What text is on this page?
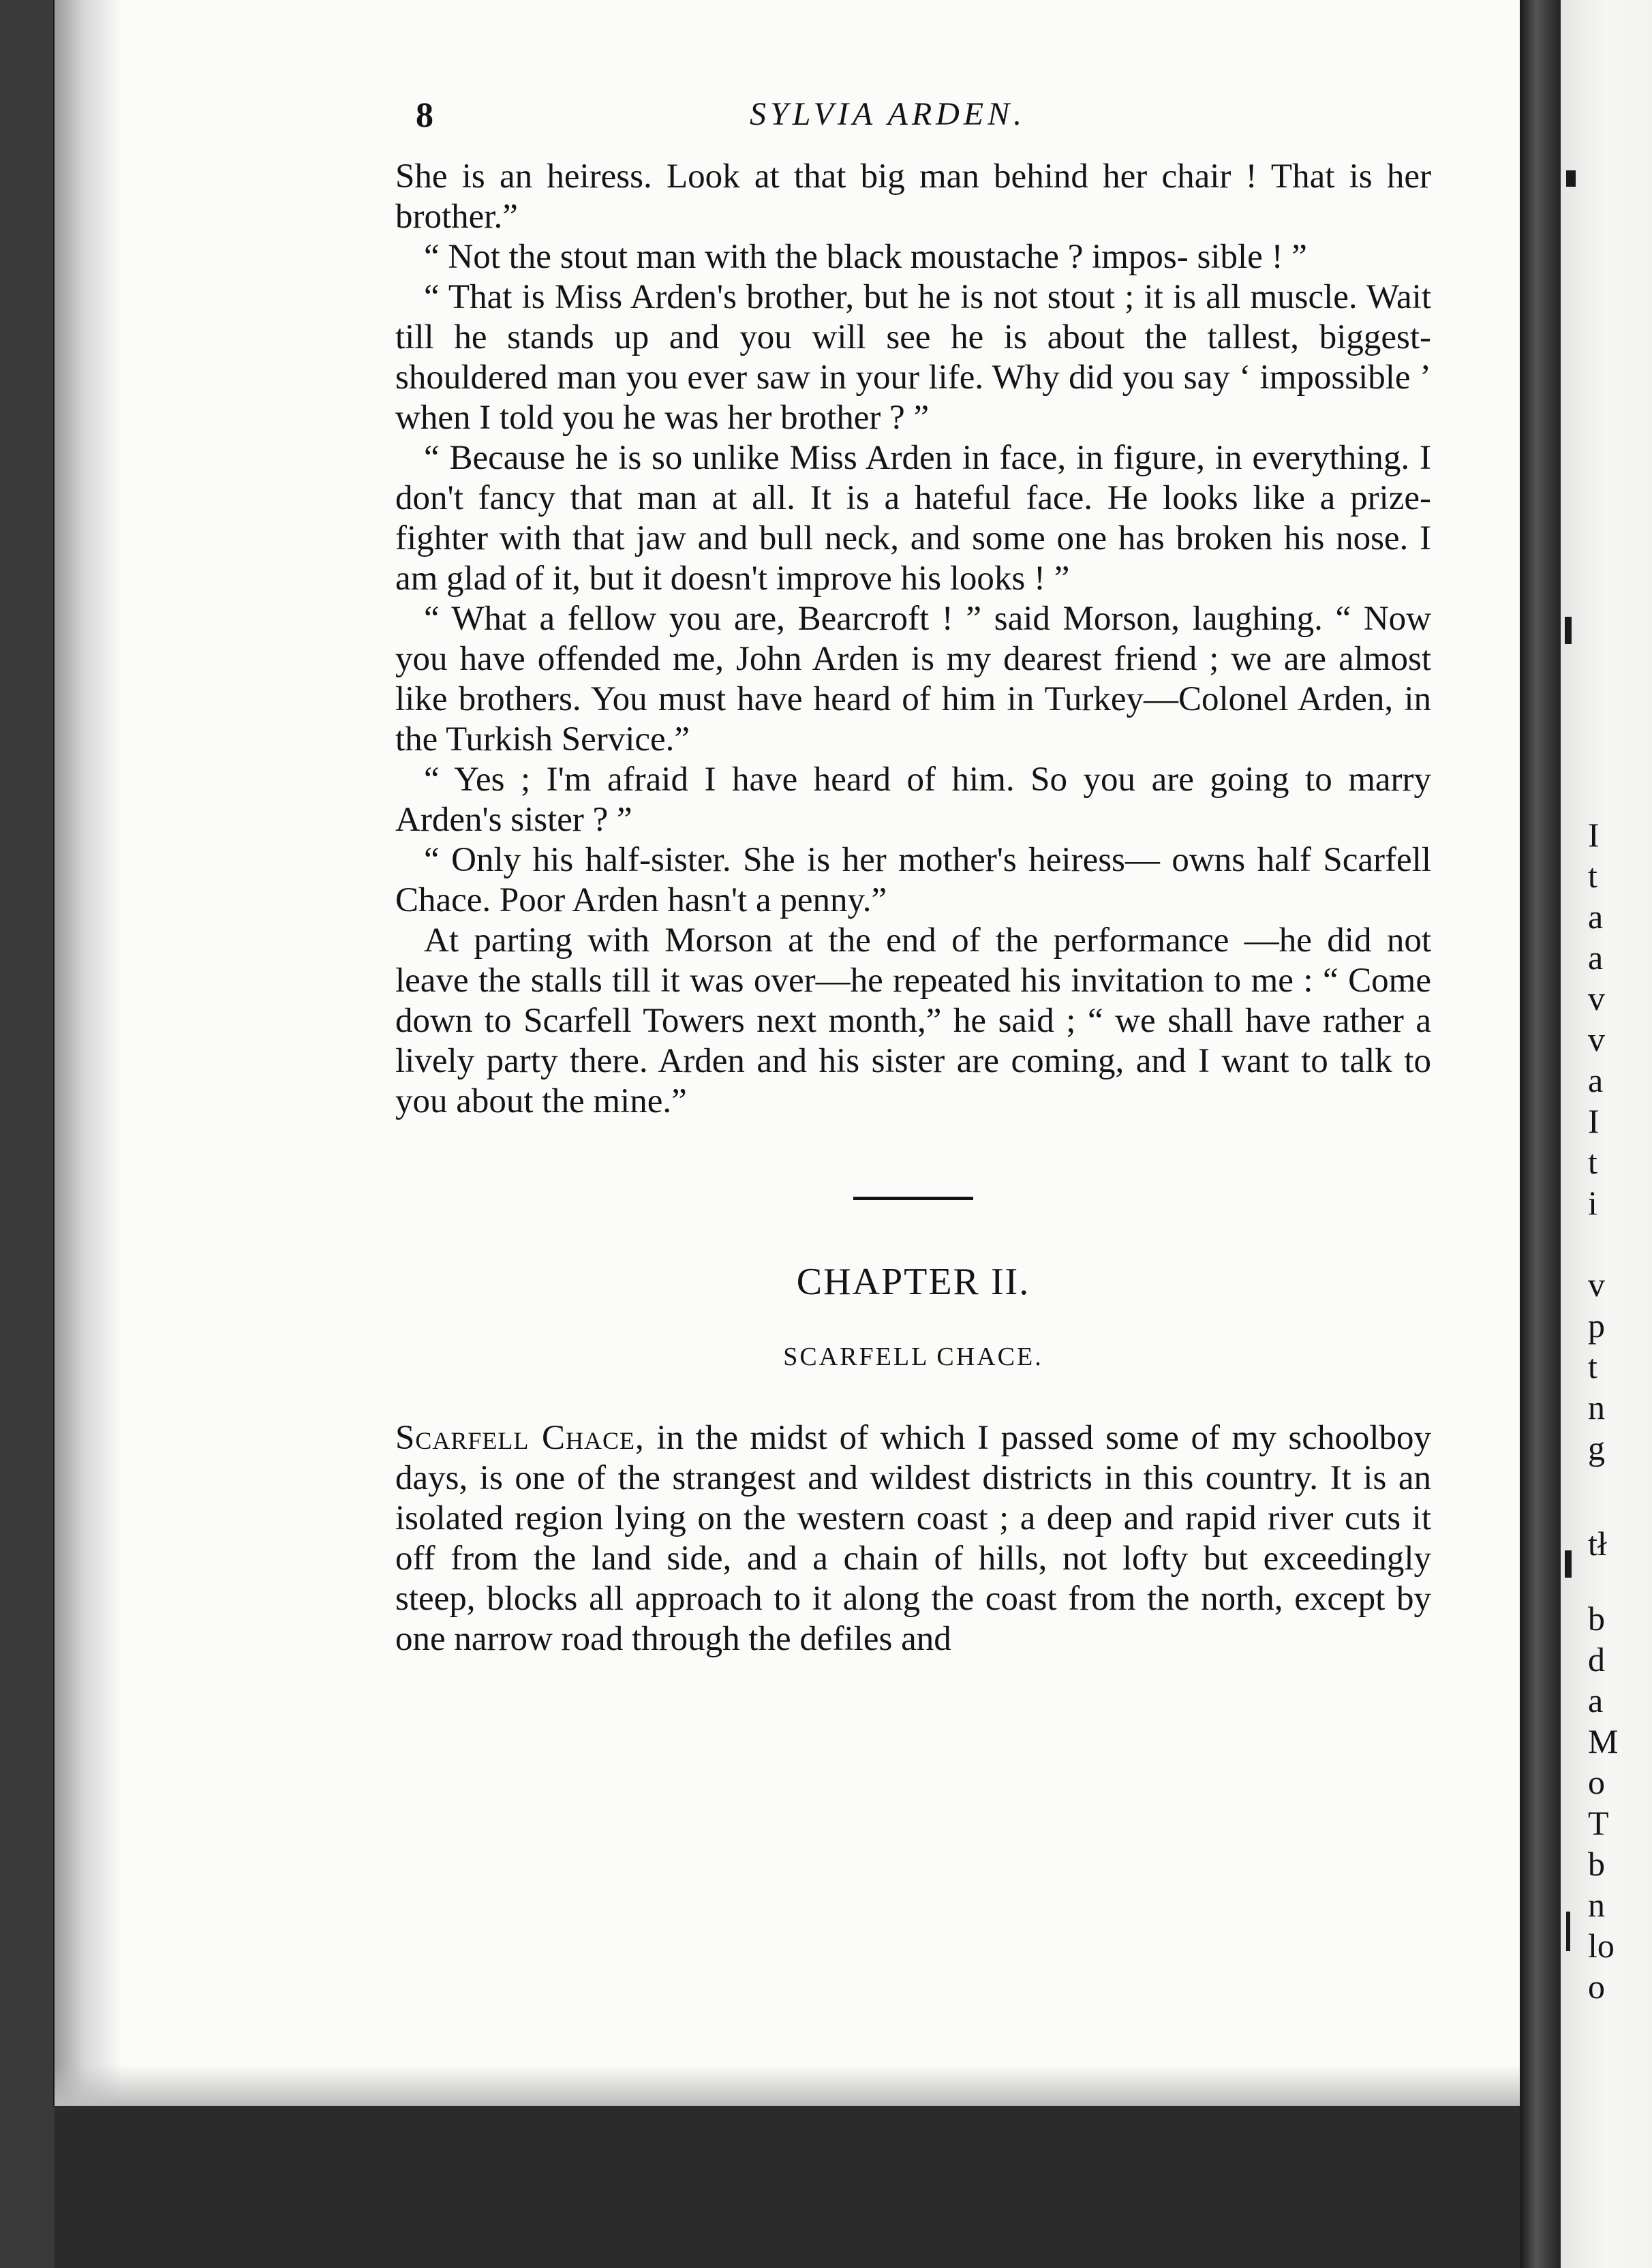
8	SYLVIA ARDEN.

She is an heiress. Look at that big man behind her chair ! That is her brother.”

“ Not the stout man with the black moustache ? impos- sible ! ”

“ That is Miss Arden's brother, but he is not stout ; it is all muscle. Wait till he stands up and you will see he is about the tallest, biggest-shouldered man you ever saw in your life. Why did you say ‘ impossible ’ when I told you he was her brother ? ”

“ Because he is so unlike Miss Arden in face, in figure, in everything. I don't fancy that man at all. It is a hateful face. He looks like a prize-fighter with that jaw and bull neck, and some one has broken his nose. I am glad of it, but it doesn't improve his looks ! ”

“ What a fellow you are, Bearcroft ! ” said Morson, laughing. “ Now you have offended me, John Arden is my dearest friend ; we are almost like brothers. You must have heard of him in Turkey—Colonel Arden, in the Turkish Service.”

“ Yes ; I'm afraid I have heard of him. So you are going to marry Arden's sister ? ”

“ Only his half-sister. She is her mother's heiress— owns half Scarfell Chace. Poor Arden hasn't a penny.”

At parting with Morson at the end of the performance —he did not leave the stalls till it was over—he repeated his invitation to me : “ Come down to Scarfell Towers next month,” he said ; “ we shall have rather a lively party there. Arden and his sister are coming, and I want to talk to you about the mine.”

CHAPTER II.
SCARFELL CHACE.

Scarfell Chace, in the midst of which I passed some of my schoolboy days, is one of the strangest and wildest districts in this country. It is an isolated region lying on the western coast ; a deep and rapid river cuts it off from the land side, and a chain of hills, not lofty but exceedingly steep, blocks all approach to it along the coast from the north, except by one narrow road through the defiles and

I
t
a
a
v
v
a
I
t
i
v
p
t
n
g
tł
b
d
a
M
o
T
b
n
lo
o
